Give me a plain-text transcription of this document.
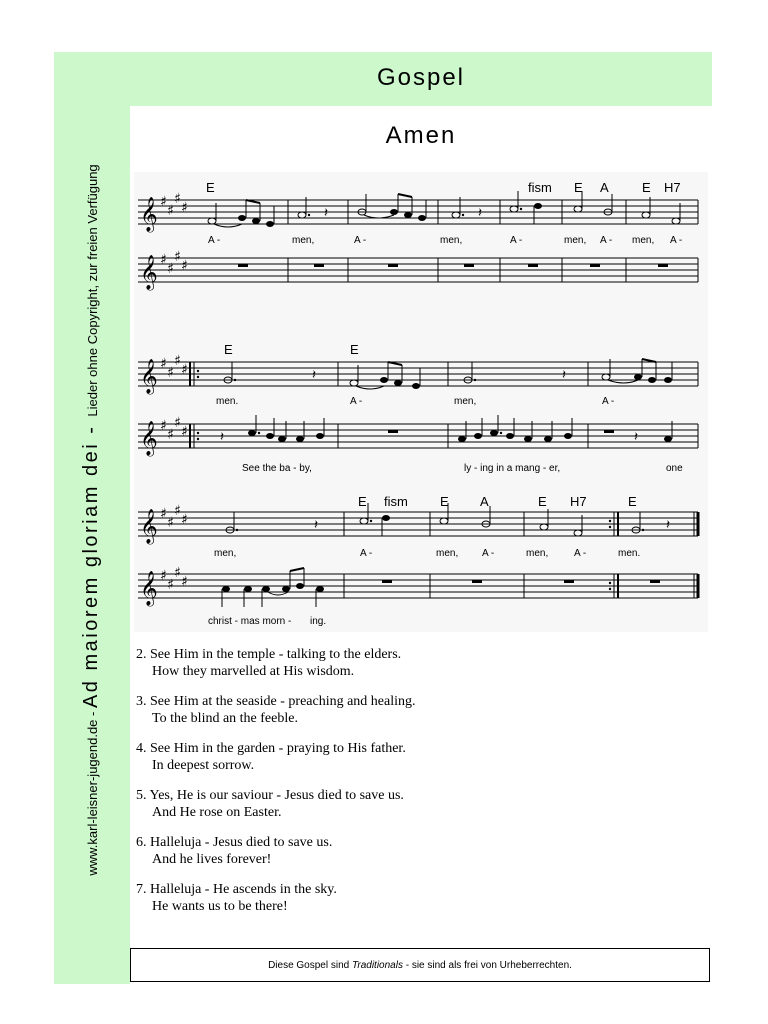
Gospel
www.karl-leisner-jugend.de - Ad maiorem gloriam dei - Lieder ohne Copyright, zur freien Verfügung
Amen
♯
♯ ♯	E	fism E A	E H7
𝄞	𝄽	𝄽
A -	men,	A -	men,	A -	men, A - men, A -
𝄞
E	E
𝄞	𝄽	𝄽
men.	A -	men,	A -
𝄞	𝄽	𝄽
See the ba - by,	ly - ing in a mang - er,	one
E fism E A	E H7	E
𝄞	𝄽	𝄽
men,	A -	men, A -	men,	A -	men.
𝄞
christ - mas morn - ing.
2. See Him in the temple - talking to the elders.
How they marvelled at His wisdom.
3. See Him at the seaside - preaching and healing.
To the blind an the feeble.
4. See Him in the garden - praying to His father.
In deepest sorrow.
5. Yes, He is our saviour - Jesus died to save us.
And He rose on Easter.
6. Halleluja - Jesus died to save us.
And he lives forever!
7. Halleluja - He ascends in the sky.
He wants us to be there!
Diese Gospel sind Traditionals - sie sind als frei von Urheberrechten.
